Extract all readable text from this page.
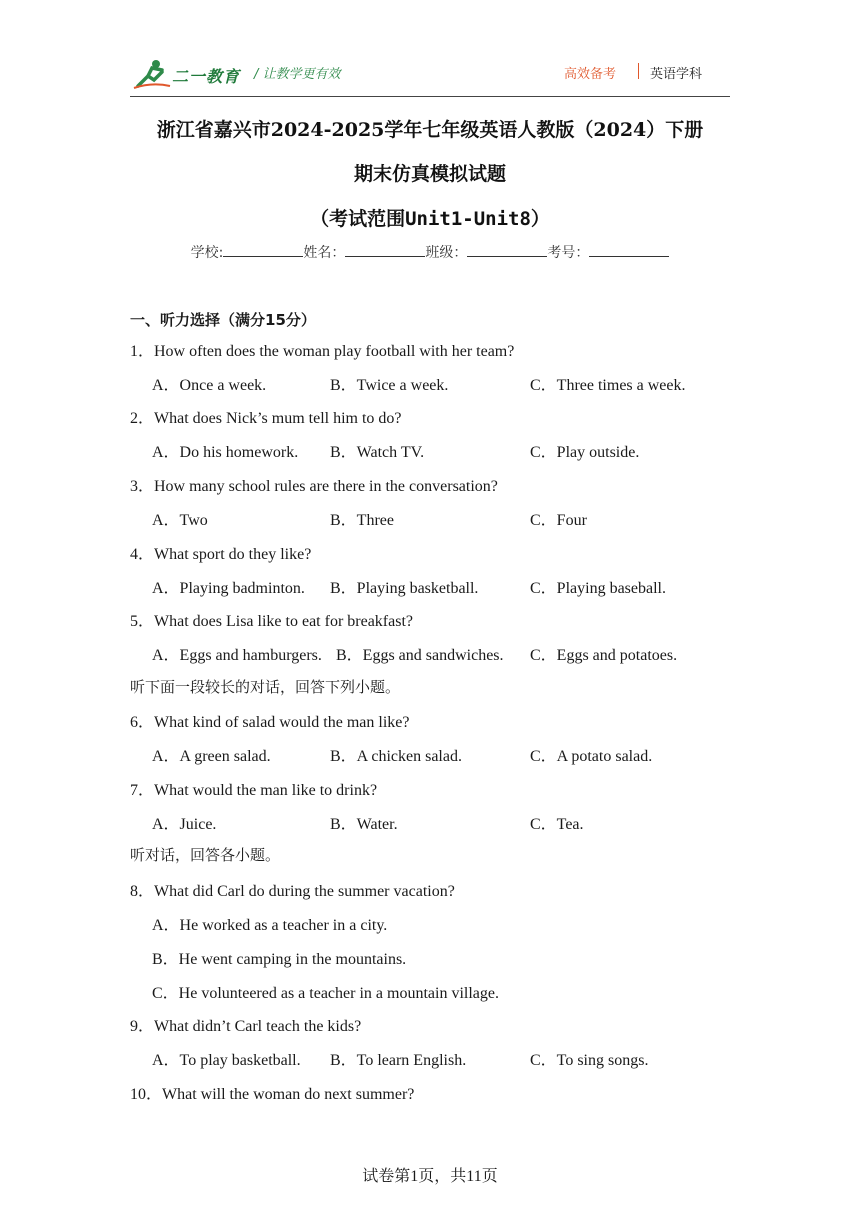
二一教育 / 让教学更有效	高效备考	英语学科
浙江省嘉兴市2024-2025学年七年级英语人教版（2024）下册
期末仿真模拟试题
（考试范围Unit1-Unit8）
学校:	姓名：	班级：	考号：
一、听力选择（满分15分）
1．How often does the woman play football with her team?
A．Once a week.	B．Twice a week.	C．Three times a week.
2．What does Nick’s mum tell him to do?
A．Do his homework. B．Watch TV.	C．Play outside.
3．How many school rules are there in the conversation?
A．Two	B．Three	C．Four
4．What sport do they like?
A．Playing badminton. B．Playing basketball.	C．Playing baseball.
5．What does Lisa like to eat for breakfast?
A．Eggs and hamburgers. B．Eggs and sandwiches. C．Eggs and potatoes.
听下面一段较长的对话，回答下列小题。
6．What kind of salad would the man like?
A．A green salad.	B．A chicken salad.	C．A potato salad.
7．What would the man like to drink?
A．Juice.	B．Water.	C．Tea.
听对话，回答各小题。
8．What did Carl do during the summer vacation?
A．He worked as a teacher in a city.
B．He went camping in the mountains.
C．He volunteered as a teacher in a mountain village.
9．What didn’t Carl teach the kids?
A．To play basketball. B．To learn English.	C．To sing songs.
10．What will the woman do next summer?
试卷第1页，共11页
